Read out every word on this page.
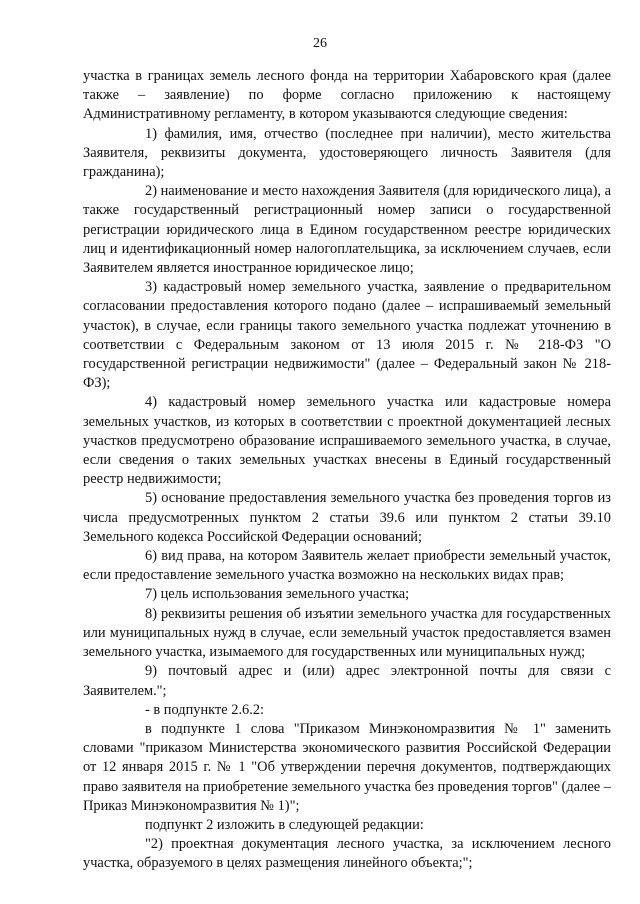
26

участка в границах земель лесного фонда на территории Хабаровского края (далее также – заявление) по форме согласно приложению к настоящему Административному регламенту, в котором указываются следующие сведения:

1) фамилия, имя, отчество (последнее при наличии), место жительства Заявителя, реквизиты документа, удостоверяющего личность Заявителя (для гражданина);

2) наименование и место нахождения Заявителя (для юридического лица), а также государственный регистрационный номер записи о государственной регистрации юридического лица в Едином государственном реестре юридических лиц и идентификационный номер налогоплательщика, за исключением случаев, если Заявителем является иностранное юридическое лицо;

3) кадастровый номер земельного участка, заявление о предварительном согласовании предоставления которого подано (далее – испрашиваемый земельный участок), в случае, если границы такого земельного участка подлежат уточнению в соответствии с Федеральным законом от 13 июля 2015 г. № 218-ФЗ "О государственной регистрации недвижимости" (далее – Федеральный закон № 218-ФЗ);

4) кадастровый номер земельного участка или кадастровые номера земельных участков, из которых в соответствии с проектной документацией лесных участков предусмотрено образование испрашиваемого земельного участка, в случае, если сведения о таких земельных участках внесены в Единый государственный реестр недвижимости;

5) основание предоставления земельного участка без проведения торгов из числа предусмотренных пунктом 2 статьи 39.6 или пунктом 2 статьи 39.10 Земельного кодекса Российской Федерации оснований;

6) вид права, на котором Заявитель желает приобрести земельный участок, если предоставление земельного участка возможно на нескольких видах прав;

7) цель использования земельного участка;

8) реквизиты решения об изъятии земельного участка для государственных или муниципальных нужд в случае, если земельный участок предоставляется взамен земельного участка, изымаемого для государственных или муниципальных нужд;

9) почтовый адрес и (или) адрес электронной почты для связи с Заявителем.";

- в подпункте 2.6.2:

в подпункте 1 слова "Приказом Минэкономразвития № 1" заменить словами "приказом Министерства экономического развития Российской Федерации от 12 января 2015 г. № 1 "Об утверждении перечня документов, подтверждающих право заявителя на приобретение земельного участка без проведения торгов" (далее – Приказ Минэкономразвития № 1)";

подпункт 2 изложить в следующей редакции:

"2) проектная документация лесного участка, за исключением лесного участка, образуемого в целях размещения линейного объекта;";
